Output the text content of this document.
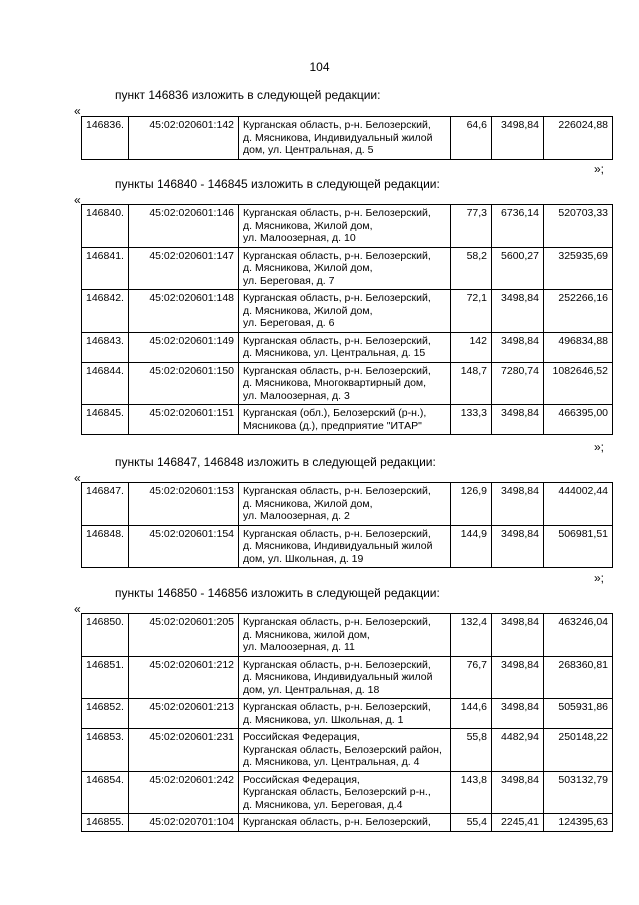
104
пункт 146836 изложить в следующей редакции:
«
146836.	45:02:020601:142	Курганская область, р-н. Белозерский,
д. Мясникова, Индивидуальный жилой
дом, ул. Центральная, д. 5
	64,6	3498,84	226024,88
»;
пункты 146840 - 146845 изложить в следующей редакции:
«
146840.	45:02:020601:146	Курганская область, р-н. Белозерский,
д. Мясникова, Жилой дом,
ул. Малоозерная, д. 10	77,3	6736,14	520703,33
146841.	45:02:020601:147	Курганская область, р-н. Белозерский,
д. Мясникова, Жилой дом,
ул. Береговая, д. 7	58,2	5600,27	325935,69
146842.	45:02:020601:148	Курганская область, р-н. Белозерский,
д. Мясникова, Жилой дом,
ул. Береговая, д. 6	72,1	3498,84	252266,16
146843.	45:02:020601:149	Курганская область, р-н. Белозерский,
д. Мясникова, ул. Центральная, д. 15	142	3498,84	496834,88
146844.	45:02:020601:150	Курганская область, р-н. Белозерский,
д. Мясникова, Многоквартирный дом,
ул. Малоозерная, д. 3	148,7	7280,74	1082646,52
146845.	45:02:020601:151	Курганская (обл.), Белозерский (р-н.),
Мясникова (д.), предприятие "ИТАР"	133,3	3498,84	466395,00
»;
пункты 146847, 146848 изложить в следующей редакции:
«
146847.	45:02:020601:153	Курганская область, р-н. Белозерский,
д. Мясникова, Жилой дом,
ул. Малоозерная, д. 2	126,9	3498,84	444002,44
146848.	45:02:020601:154	Курганская область, р-н. Белозерский,
д. Мясникова, Индивидуальный жилой
дом, ул. Школьная, д. 19	144,9	3498,84	506981,51
»;
пункты 146850 - 146856 изложить в следующей редакции:
«
146850.	45:02:020601:205	Курганская область, р-н. Белозерский,
д. Мясникова, жилой дом,
ул. Малоозерная, д. 11	132,4	3498,84	463246,04
146851.	45:02:020601:212	Курганская область, р-н. Белозерский,
д. Мясникова, Индивидуальный жилой
дом, ул. Центральная, д. 18	76,7	3498,84	268360,81
146852.	45:02:020601:213	Курганская область, р-н. Белозерский,
д. Мясникова, ул. Школьная, д. 1	144,6	3498,84	505931,86
146853.	45:02:020601:231	Российская Федерация,
Курганская область, Белозерский район,
д. Мясникова, ул. Центральная, д. 4	55,8	4482,94	250148,22
146854.	45:02:020601:242	Российская Федерация,
Курганская область, Белозерский р-н.,
д. Мясникова, ул. Береговая, д.4	143,8	3498,84	503132,79
146855.	45:02:020701:104	Курганская область, р-н. Белозерский,	55,4	2245,41	124395,63
